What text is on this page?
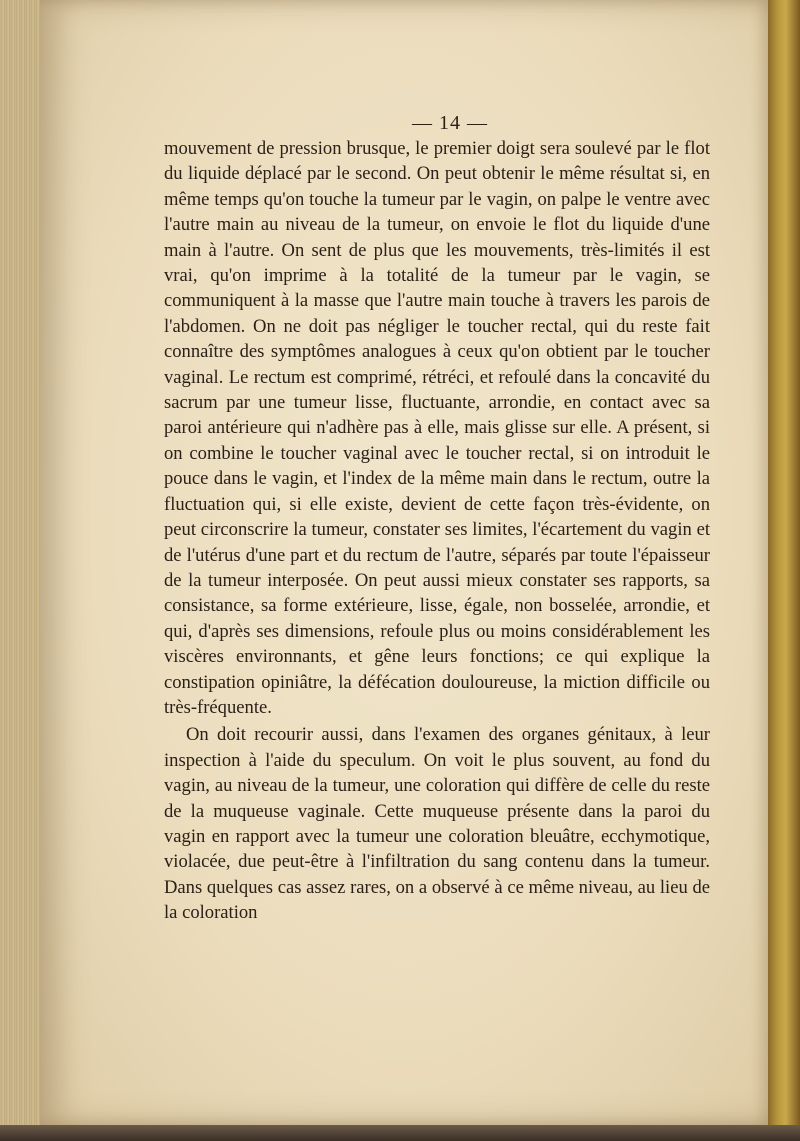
— 14 —

mouvement de pression brusque, le premier doigt sera soulevé par le flot du liquide déplacé par le second. On peut obtenir le même résultat si, en même temps qu'on touche la tumeur par le vagin, on palpe le ventre avec l'autre main au niveau de la tumeur, on envoie le flot du liquide d'une main à l'autre. On sent de plus que les mouvements, très-limités il est vrai, qu'on imprime à la totalité de la tumeur par le vagin, se communiquent à la masse que l'autre main touche à travers les parois de l'abdomen. On ne doit pas négliger le toucher rectal, qui du reste fait connaître des symptômes analogues à ceux qu'on obtient par le toucher vaginal. Le rectum est comprimé, rétréci, et refoulé dans la concavité du sacrum par une tumeur lisse, fluctuante, arrondie, en contact avec sa paroi antérieure qui n'adhère pas à elle, mais glisse sur elle. A présent, si on combine le toucher vaginal avec le toucher rectal, si on introduit le pouce dans le vagin, et l'index de la même main dans le rectum, outre la fluctuation qui, si elle existe, devient de cette façon très-évidente, on peut circonscrire la tumeur, constater ses limites, l'écartement du vagin et de l'utérus d'une part et du rectum de l'autre, séparés par toute l'épaisseur de la tumeur interposée. On peut aussi mieux constater ses rapports, sa consistance, sa forme extérieure, lisse, égale, non bosselée, arrondie, et qui, d'après ses dimensions, refoule plus ou moins considérablement les viscères environnants, et gêne leurs fonctions; ce qui explique la constipation opiniâtre, la défécation douloureuse, la miction difficile ou très-fréquente.

On doit recourir aussi, dans l'examen des organes génitaux, à leur inspection à l'aide du speculum. On voit le plus souvent, au fond du vagin, au niveau de la tumeur, une coloration qui diffère de celle du reste de la muqueuse vaginale. Cette muqueuse présente dans la paroi du vagin en rapport avec la tumeur une coloration bleuâtre, ecchymotique, violacée, due peut-être à l'infiltration du sang contenu dans la tumeur. Dans quelques cas assez rares, on a observé à ce même niveau, au lieu de la coloration
